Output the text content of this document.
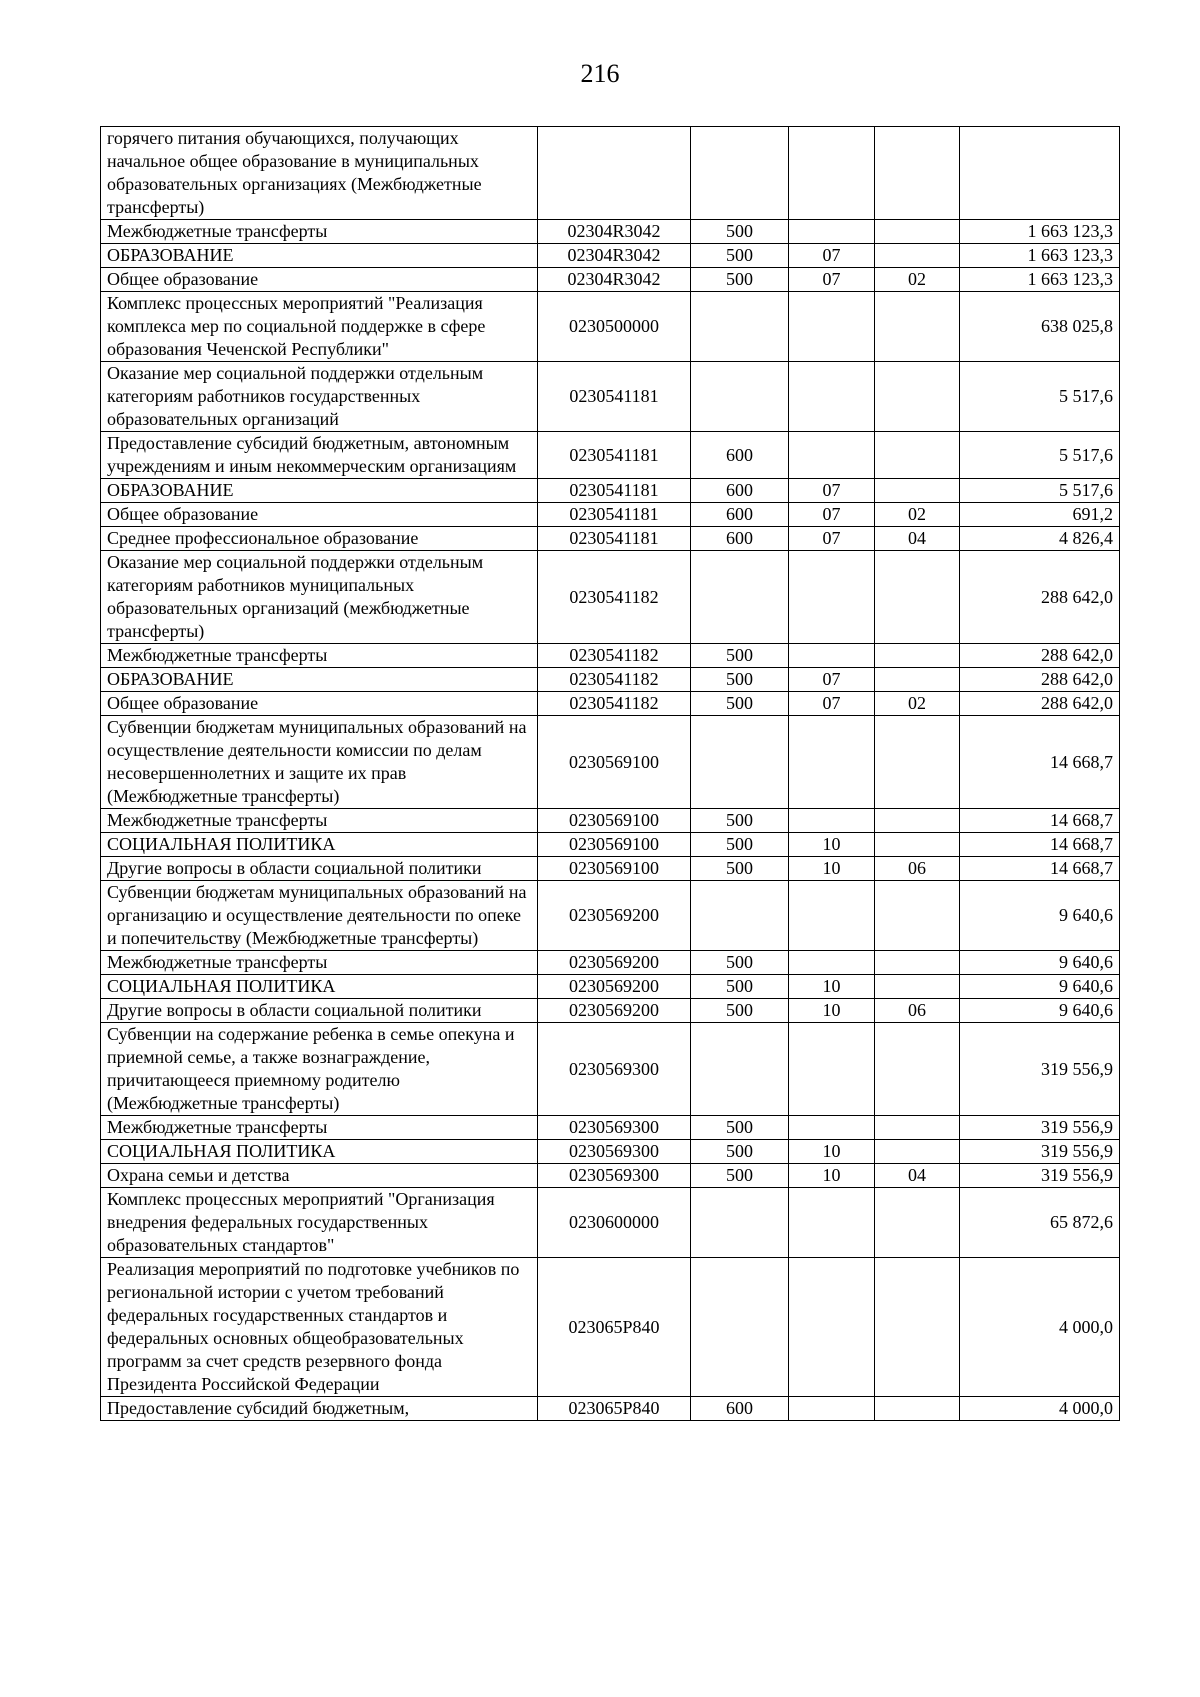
216
горячего питания обучающихся, получающих начальное общее образование в муниципальных образовательных организациях (Межбюджетные трансферты)					
Межбюджетные трансферты	02304R3042	500			1 663 123,3
ОБРАЗОВАНИЕ	02304R3042	500	07		1 663 123,3
Общее образование	02304R3042	500	07	02	1 663 123,3
Комплекс процессных мероприятий "Реализация комплекса мер по социальной поддержке в сфере образования Чеченской Республики"	0230500000				638 025,8
Оказание мер социальной поддержки отдельным категориям работников государственных образовательных организаций	0230541181				5 517,6
Предоставление субсидий бюджетным, автономным учреждениям и иным некоммерческим организациям	0230541181	600			5 517,6
ОБРАЗОВАНИЕ	0230541181	600	07		5 517,6
Общее образование	0230541181	600	07	02	691,2
Среднее профессиональное образование	0230541181	600	07	04	4 826,4
Оказание мер социальной поддержки отдельным категориям работников муниципальных образовательных организаций (межбюджетные трансферты)	0230541182				288 642,0
Межбюджетные трансферты	0230541182	500			288 642,0
ОБРАЗОВАНИЕ	0230541182	500	07		288 642,0
Общее образование	0230541182	500	07	02	288 642,0
Субвенции бюджетам муниципальных образований на осуществление деятельности комиссии по делам несовершеннолетних и защите их прав (Межбюджетные трансферты)	0230569100				14 668,7
Межбюджетные трансферты	0230569100	500			14 668,7
СОЦИАЛЬНАЯ ПОЛИТИКА	0230569100	500	10		14 668,7
Другие вопросы в области социальной политики	0230569100	500	10	06	14 668,7
Субвенции бюджетам муниципальных образований на организацию и осуществление деятельности по опеке и попечительству (Межбюджетные трансферты)	0230569200				9 640,6
Межбюджетные трансферты	0230569200	500			9 640,6
СОЦИАЛЬНАЯ ПОЛИТИКА	0230569200	500	10		9 640,6
Другие вопросы в области социальной политики	0230569200	500	10	06	9 640,6
Субвенции на содержание ребенка в семье опекуна и приемной семье, а также вознаграждение, причитающееся приемному родителю (Межбюджетные трансферты)	0230569300				319 556,9
Межбюджетные трансферты	0230569300	500			319 556,9
СОЦИАЛЬНАЯ ПОЛИТИКА	0230569300	500	10		319 556,9
Охрана семьи и детства	0230569300	500	10	04	319 556,9
Комплекс процессных мероприятий "Организация внедрения федеральных государственных образовательных стандартов"	0230600000				65 872,6
Реализация мероприятий по подготовке учебников по региональной истории с учетом требований федеральных государственных стандартов и федеральных основных общеобразовательных программ за счет средств резервного фонда Президента Российской Федерации	023065Р840				4 000,0
Предоставление субсидий бюджетным,	023065Р840	600			4 000,0
